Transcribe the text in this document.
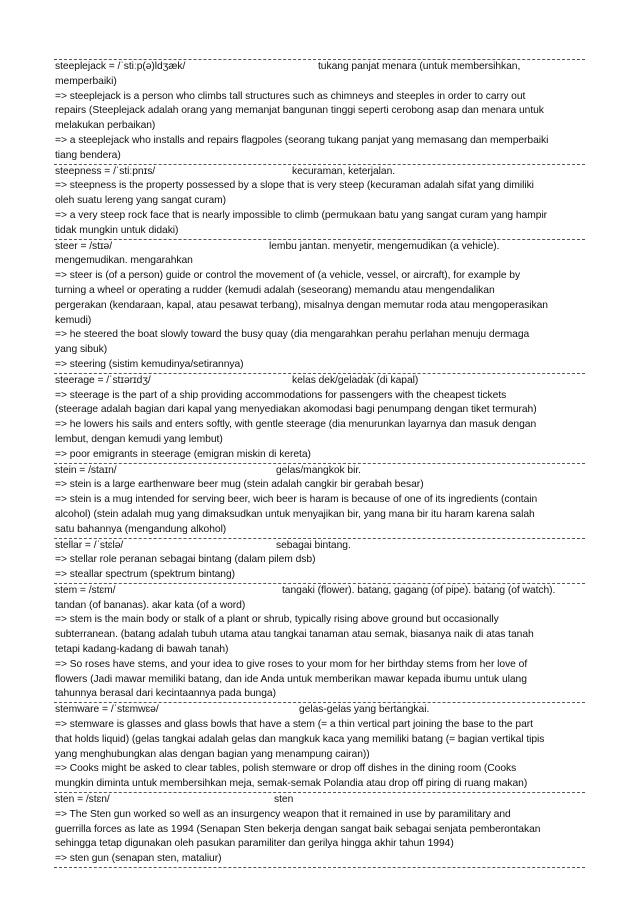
steeplejack = /ˈstiːp(ə)ldʒæk/	tukang panjat menara (untuk membersihkan,
memperbaiki)
=> steeplejack is a person who climbs tall structures such as chimneys and steeples in order to carry out
repairs (Steeplejack adalah orang yang memanjat bangunan tinggi seperti cerobong asap dan menara untuk
melakukan perbaikan)
=> a steeplejack who installs and repairs flagpoles (seorang tukang panjat yang memasang dan memperbaiki
tiang bendera)
steepness = /ˈstiːpnɪs/	kecuraman, keterjalan.
=> steepness is the property possessed by a slope that is very steep (kecuraman adalah sifat yang dimiliki
oleh suatu lereng yang sangat curam)
=> a very steep rock face that is nearly impossible to climb (permukaan batu yang sangat curam yang hampir
tidak mungkin untuk didaki)
steer = /stɪə/	lembu jantan. menyetir, mengemudikan (a vehicle).
mengemudikan. mengarahkan
=> steer is (of a person) guide or control the movement of (a vehicle, vessel, or aircraft), for example by
turning a wheel or operating a rudder (kemudi adalah (seseorang) memandu atau mengendalikan
pergerakan (kendaraan, kapal, atau pesawat terbang), misalnya dengan memutar roda atau mengoperasikan
kemudi)
=> he steered the boat slowly toward the busy quay (dia mengarahkan perahu perlahan menuju dermaga
yang sibuk)
=> steering (sistim kemudinya/setirannya)
steerage = /ˈstɪərɪdʒ/	kelas dek/geladak (di kapal)
=> steerage is the part of a ship providing accommodations for passengers with the cheapest tickets
(steerage adalah bagian dari kapal yang menyediakan akomodasi bagi penumpang dengan tiket termurah)
=> he lowers his sails and enters softly, with gentle steerage (dia menurunkan layarnya dan masuk dengan
lembut, dengan kemudi yang lembut)
=> poor emigrants in steerage (emigran miskin di kereta)
stein = /staɪn/	gelas/mangkok bir.
=> stein is a large earthenware beer mug (stein adalah cangkir bir gerabah besar)
=> stein is a mug intended for serving beer, wich beer is haram is because of one of its ingredients (contain
alcohol) (stein adalah mug yang dimaksudkan untuk menyajikan bir, yang mana bir itu haram karena salah
satu bahannya (mengandung alkohol)
stellar = /ˈstɛlə/	sebagai bintang.
=> stellar role peranan sebagai bintang (dalam pilem dsb)
=> steallar spectrum (spektrum bintang)
stem = /stɛm/	tangaki (flower). batang, gagang (of pipe). batang (of watch).
tandan (of bananas). akar kata (of a word)
=> stem is the main body or stalk of a plant or shrub, typically rising above ground but occasionally
subterranean. (batang adalah tubuh utama atau tangkai tanaman atau semak, biasanya naik di atas tanah
tetapi kadang-kadang di bawah tanah)
=> So roses have stems, and your idea to give roses to your mom for her birthday stems from her love of
flowers (Jadi mawar memiliki batang, dan ide Anda untuk memberikan mawar kepada ibumu untuk ulang
tahunnya berasal dari kecintaannya pada bunga)
stemware = /ˈstɛmwɛə/	gelas-gelas yang bertangkai.
=> stemware is glasses and glass bowls that have a stem (= a thin vertical part joining the base to the part
that holds liquid) (gelas tangkai adalah gelas dan mangkuk kaca yang memiliki batang (= bagian vertikal tipis
yang menghubungkan alas dengan bagian yang menampung cairan))
=> Cooks might be asked to clear tables, polish stemware or drop off dishes in the dining room (Cooks
mungkin diminta untuk membersihkan meja, semak-semak Polandia atau drop off piring di ruang makan)
sten = /stɛn/	sten
=> The Sten gun worked so well as an insurgency weapon that it remained in use by paramilitary and
guerrilla forces as late as 1994 (Senapan Sten bekerja dengan sangat baik sebagai senjata pemberontakan
sehingga tetap digunakan oleh pasukan paramiliter dan gerilya hingga akhir tahun 1994)
=> sten gun (senapan sten, mataliur)
